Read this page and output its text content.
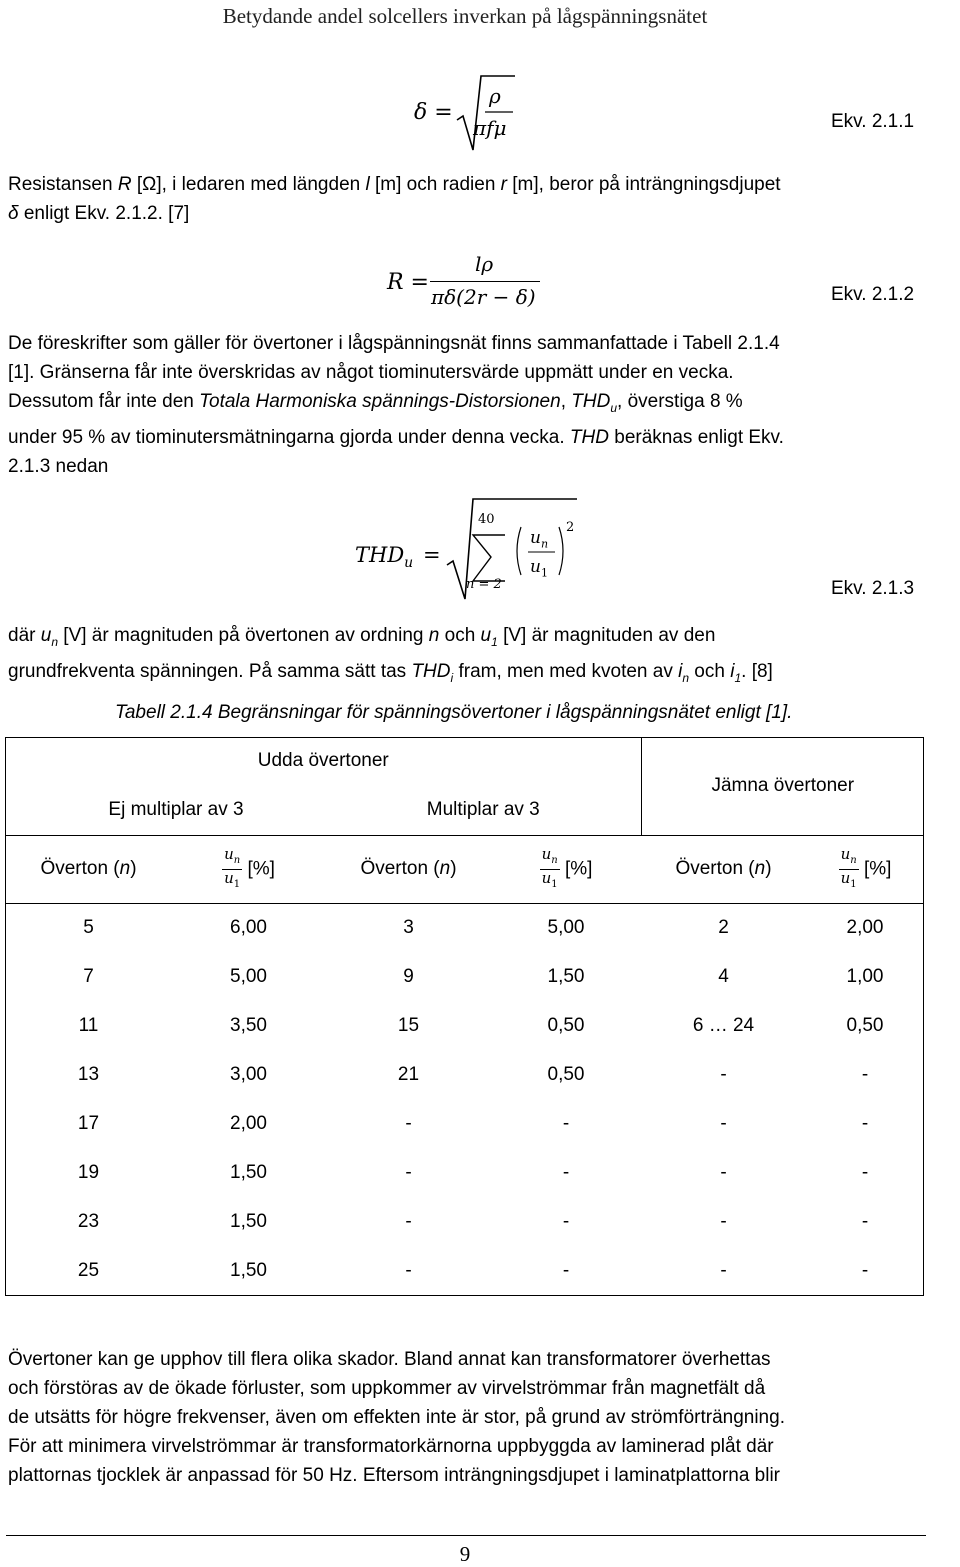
Betydande andel solcellers inverkan på lågspänningsnätet
δ =
ρ
πfμ	Ekv. 2.1.1
Resistansen R [Ω], i ledaren med längden l [m] och radien r [m], beror på inträngningsdjupet
δ enligt Ekv. 2.1.2. [7]
R =
lρ
πδ(2r − δ)	Ekv. 2.1.2
De föreskrifter som gäller för övertoner i lågspänningsnät finns sammanfattade i Tabell 2.1.4
[1]. Gränserna får inte överskridas av något tiominutersvärde uppmätt under en vecka.
Dessutom får inte den Totala Harmoniska spännings-Distorsionen, $THD_u$, överstiga 8 %
under 95 % av tiominutersmätningarna gjorda under denna vecka. THD beräknas enligt Ekv.
2.1.3 nedan
$THD_u$ =
40
n = 2
$u_n$
$u_1$
2
Ekv. 2.1.3
där $u_n$ [V] är magnituden på övertonen av ordning n och $u_1$ [V] är magnituden av den
grundfrekventa spänningen. På samma sätt tas $THD_i$ fram, men med kvoten av $i_n$ och $i_1$. [8]
Tabell 2.1.4 Begränsningar för spänningsövertoner i lågspänningsnätet enligt [1].
Udda övertoner				Jämna övertoner	
Ej multiplar av 3		Multiplar av 3			
Överton (n)	$\frac{u_n}{u_1}$ [%]	Överton (n)	$\frac{u_n}{u_1}$ [%]	Överton (n)	$\frac{u_n}{u_1}$ [%]
5	6,00	3	5,00	2	2,00
7	5,00	9	1,50	4	1,00
11	3,50	15	0,50	6 … 24	0,50
13	3,00	21	0,50	-	-
17	2,00	-	-	-	-
19	1,50	-	-	-	-
23	1,50	-	-	-	-
25	1,50	-	-	-	-
Övertoner kan ge upphov till flera olika skador. Bland annat kan transformatorer överhettas
och förstöras av de ökade förluster, som uppkommer av virvelströmmar från magnetfält då
de utsätts för högre frekvenser, även om effekten inte är stor, på grund av strömförträngning.
För att minimera virvelströmmar är transformatorkärnorna uppbyggda av laminerad plåt där
plattornas tjocklek är anpassad för 50 Hz. Eftersom inträngningsdjupet i laminatplattorna blir
9
